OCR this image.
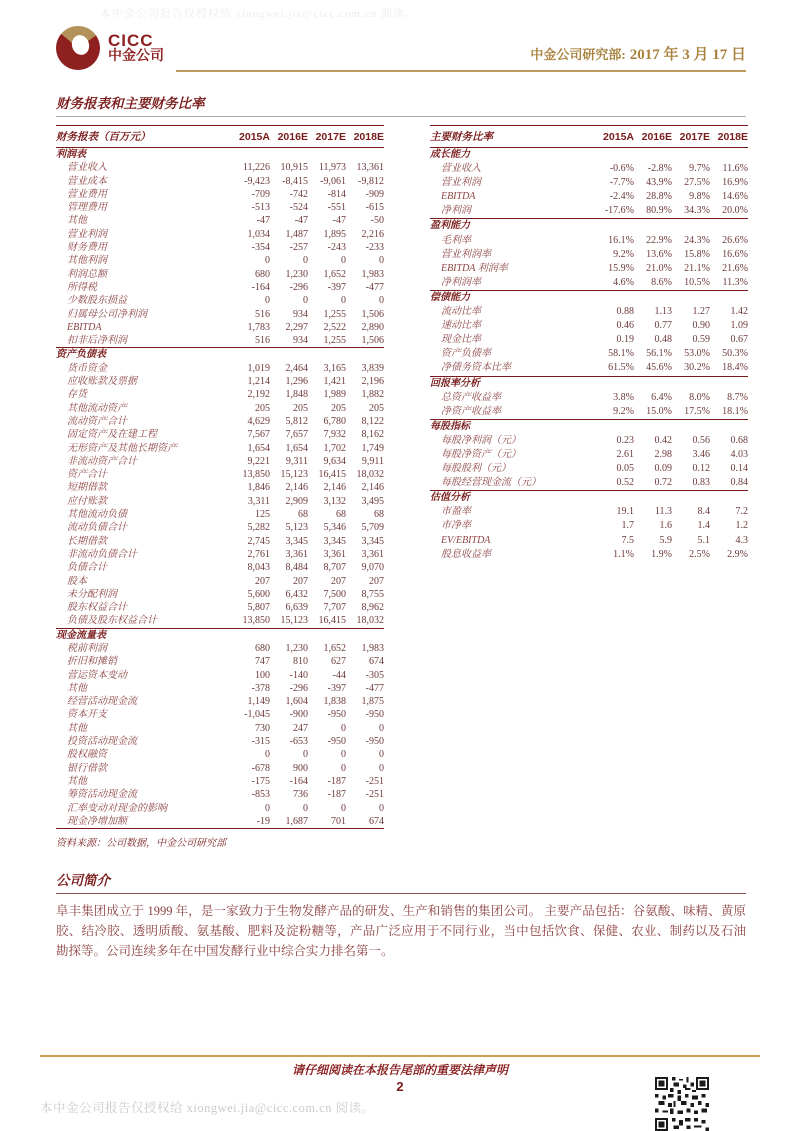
本中金公司报告仅授权给 xiongwei.jia@cicc.com.cn 阅读。
CICC
中金公司	中金公司研究部: 2017 年 3 月 17 日
财务报表和主要财务比率
财务报表（百万元）	2015A	2016E	2017E	2018E
利润表				
营业收入	11,226	10,915	11,973	13,361
营业成本	-9,423	-8,415	-9,061	-9,812
营业费用	-709	-742	-814	-909
管理费用	-513	-524	-551	-615
其他	-47	-47	-47	-50
营业利润	1,034	1,487	1,895	2,216
财务费用	-354	-257	-243	-233
其他利润	0	0	0	0
利润总额	680	1,230	1,652	1,983
所得税	-164	-296	-397	-477
少数股东损益	0	0	0	0
归属母公司净利润	516	934	1,255	1,506
EBITDA	1,783	2,297	2,522	2,890
扣非后净利润	516	934	1,255	1,506
资产负债表				
货币资金	1,019	2,464	3,165	3,839
应收账款及票据	1,214	1,296	1,421	2,196
存货	2,192	1,848	1,989	1,882
其他流动资产	205	205	205	205
流动资产合计	4,629	5,812	6,780	8,122
固定资产及在建工程	7,567	7,657	7,932	8,162
无形资产及其他长期资产	1,654	1,654	1,702	1,749
非流动资产合计	9,221	9,311	9,634	9,911
资产合计	13,850	15,123	16,415	18,032
短期借款	1,846	2,146	2,146	2,146
应付账款	3,311	2,909	3,132	3,495
其他流动负债	125	68	68	68
流动负债合计	5,282	5,123	5,346	5,709
长期借款	2,745	3,345	3,345	3,345
非流动负债合计	2,761	3,361	3,361	3,361
负债合计	8,043	8,484	8,707	9,070
股本	207	207	207	207
未分配利润	5,600	6,432	7,500	8,755
股东权益合计	5,807	6,639	7,707	8,962
负债及股东权益合计	13,850	15,123	16,415	18,032
现金流量表				
税前利润	680	1,230	1,652	1,983
折旧和摊销	747	810	627	674
营运资本变动	100	-140	-44	-305
其他	-378	-296	-397	-477
经营活动现金流	1,149	1,604	1,838	1,875
资本开支	-1,045	-900	-950	-950
其他	730	247	0	0
投资活动现金流	-315	-653	-950	-950
股权融资	0	0	0	0
银行借款	-678	900	0	0
其他	-175	-164	-187	-251
筹资活动现金流	-853	736	-187	-251
汇率变动对现金的影响	0	0	0	0
现金净增加额	-19	1,687	701	674
主要财务比率	2015A	2016E	2017E	2018E
成长能力				
营业收入	-0.6%	-2.8%	9.7%	11.6%
营业利润	-7.7%	43.9%	27.5%	16.9%
EBITDA	-2.4%	28.8%	9.8%	14.6%
净利润	-17.6%	80.9%	34.3%	20.0%
盈利能力				
毛利率	16.1%	22.9%	24.3%	26.6%
营业利润率	9.2%	13.6%	15.8%	16.6%
EBITDA 利润率	15.9%	21.0%	21.1%	21.6%
净利润率	4.6%	8.6%	10.5%	11.3%
偿债能力				
流动比率	0.88	1.13	1.27	1.42
速动比率	0.46	0.77	0.90	1.09
现金比率	0.19	0.48	0.59	0.67
资产负债率	58.1%	56.1%	53.0%	50.3%
净债务资本比率	61.5%	45.6%	30.2%	18.4%
回报率分析				
总资产收益率	3.8%	6.4%	8.0%	8.7%
净资产收益率	9.2%	15.0%	17.5%	18.1%
每股指标				
每股净利润（元）	0.23	0.42	0.56	0.68
每股净资产（元）	2.61	2.98	3.46	4.03
每股股利（元）	0.05	0.09	0.12	0.14
每股经营现金流（元）	0.52	0.72	0.83	0.84
估值分析				
市盈率	19.1	11.3	8.4	7.2
市净率	1.7	1.6	1.4	1.2
EV/EBITDA	7.5	5.9	5.1	4.3
股息收益率	1.1%	1.9%	2.5%	2.9%
资料来源：公司数据，中金公司研究部
公司简介
阜丰集团成立于 1999 年，是一家致力于生物发酵产品的研发、生产和销售的集团公司。 主要产品包括：谷氨酸、味精、黄原胶、结冷胶、透明质酸、氨基酸、肥料及淀粉糖等，产品广泛应用于不同行业，当中包括饮食、保健、农业、制药以及石油 勘探等。公司连续多年在中国发酵行业中综合实力排名第一。
请仔细阅读在本报告尾部的重要法律声明
2
本中金公司报告仅授权给 xiongwei.jia@cicc.com.cn 阅读。
